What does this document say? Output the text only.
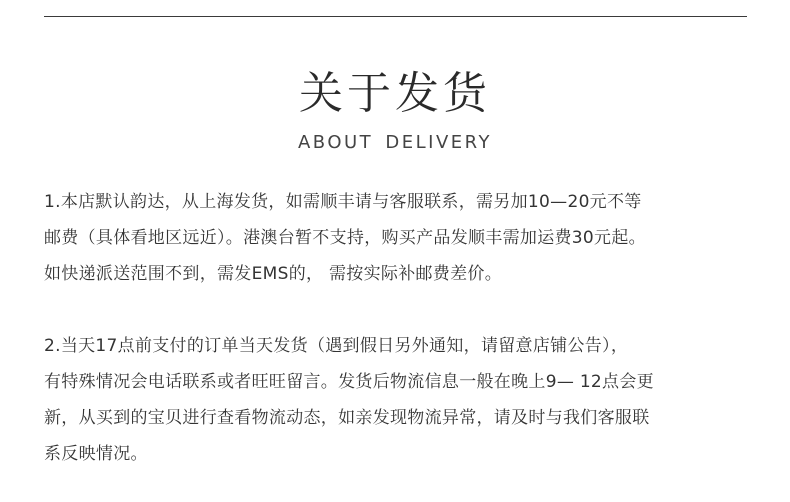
关于发货
ABOUT DELIVERY

1.本店默认韵达，从上海发货，如需顺丰请与客服联系，需另加10—20元不等
邮费（具体看地区远近）。港澳台暂不支持，购买产品发顺丰需加运费30元起。
如快递派送范围不到，需发EMS的， 需按实际补邮费差价。

2.当天17点前支付的订单当天发货（遇到假日另外通知，请留意店铺公告），
有特殊情况会电话联系或者旺旺留言。发货后物流信息一般在晚上9— 12点会更
新，从买到的宝贝进行查看物流动态，如亲发现物流异常，请及时与我们客服联
系反映情况。
